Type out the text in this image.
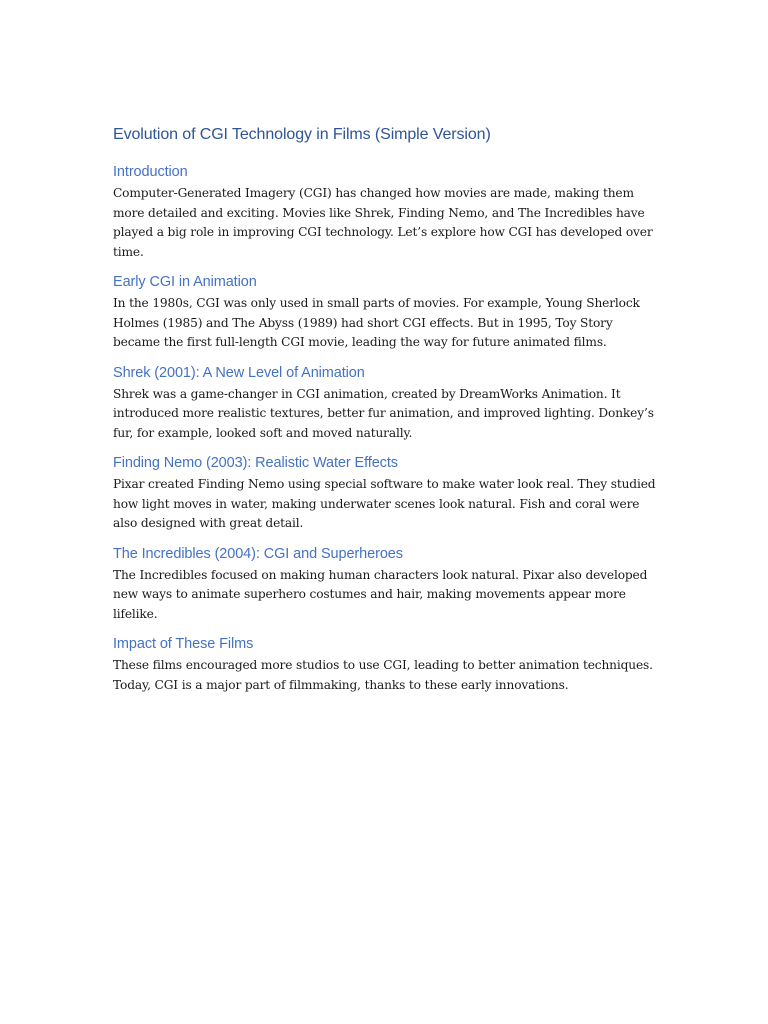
Evolution of CGI Technology in Films (Simple Version)
Introduction

Computer-Generated Imagery (CGI) has changed how movies are made, making them more detailed and exciting. Movies like Shrek, Finding Nemo, and The Incredibles have played a big role in improving CGI technology. Let’s explore how CGI has developed over time.

Early CGI in Animation

In the 1980s, CGI was only used in small parts of movies. For example, Young Sherlock Holmes (1985) and The Abyss (1989) had short CGI effects. But in 1995, Toy Story became the first full-length CGI movie, leading the way for future animated films.

Shrek (2001): A New Level of Animation

Shrek was a game-changer in CGI animation, created by DreamWorks Animation. It introduced more realistic textures, better fur animation, and improved lighting. Donkey’s fur, for example, looked soft and moved naturally.

Finding Nemo (2003): Realistic Water Effects

Pixar created Finding Nemo using special software to make water look real. They studied how light moves in water, making underwater scenes look natural. Fish and coral were also designed with great detail.

The Incredibles (2004): CGI and Superheroes

The Incredibles focused on making human characters look natural. Pixar also developed new ways to animate superhero costumes and hair, making movements appear more lifelike.

Impact of These Films

These films encouraged more studios to use CGI, leading to better animation techniques. Today, CGI is a major part of filmmaking, thanks to these early innovations.
